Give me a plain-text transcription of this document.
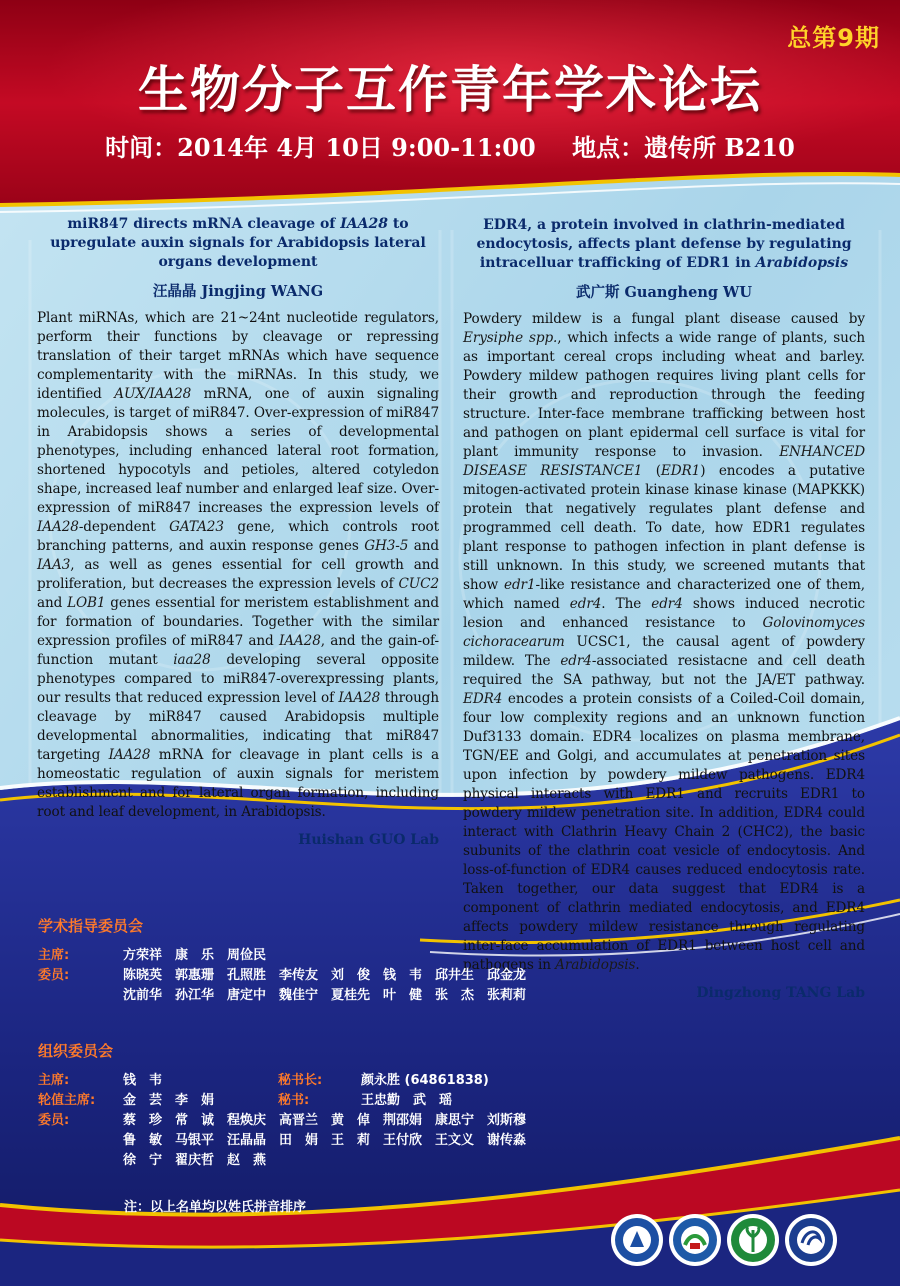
总第9期
生物分子互作青年学术论坛
时间：2014年 4月 10日 9:00-11:00 地点：遗传所 B210

miR847 directs mRNA cleavage of IAA28 to upregulate auxin signals for Arabidopsis lateral organs development

汪晶晶 Jingjing WANG

Plant miRNAs, which are 21~24nt nucleotide regulators, perform their functions by cleavage or repressing translation of their target mRNAs which have sequence complementarity with the miRNAs. In this study, we identified AUX/IAA28 mRNA, one of auxin signaling molecules, is target of miR847. Over-expression of miR847 in Arabidopsis shows a series of developmental phenotypes, including enhanced lateral root formation, shortened hypocotyls and petioles, altered cotyledon shape, increased leaf number and enlarged leaf size. Over-expression of miR847 increases the expression levels of IAA28-dependent GATA23 gene, which controls root branching patterns, and auxin response genes GH3-5 and IAA3, as well as genes essential for cell growth and proliferation, but decreases the expression levels of CUC2 and LOB1 genes essential for meristem establishment and for formation of boundaries. Together with the similar expression profiles of miR847 and IAA28, and the gain-of-function mutant iaa28 developing several opposite phenotypes compared to miR847-overexpressing plants, our results that reduced expression level of IAA28 through cleavage by miR847 caused Arabidopsis multiple developmental abnormalities, indicating that miR847 targeting IAA28 mRNA for cleavage in plant cells is a homeostatic regulation of auxin signals for meristem establishment and for lateral organ formation, including root and leaf development, in Arabidopsis.

Huishan GUO Lab

EDR4, a protein involved in clathrin-mediated endocytosis, affects plant defense by regulating intracelluar trafficking of EDR1 in Arabidopsis

武广斯 Guangheng WU

Powdery mildew is a fungal plant disease caused by Erysiphe spp., which infects a wide range of plants, such as important cereal crops including wheat and barley. Powdery mildew pathogen requires living plant cells for their growth and reproduction through the feeding structure. Inter-face membrane trafficking between host and pathogen on plant epidermal cell surface is vital for plant immunity response to invasion. ENHANCED DISEASE RESISTANCE1 (EDR1) encodes a putative mitogen-activated protein kinase kinase kinase (MAPKKK) protein that negatively regulates plant defense and programmed cell death. To date, how EDR1 regulates plant response to pathogen infection in plant defense is still unknown. In this study, we screened mutants that show edr1-like resistance and characterized one of them, which named edr4. The edr4 shows induced necrotic lesion and enhanced resistance to Golovinomyces cichoracearum UCSC1, the causal agent of powdery mildew. The edr4-associated resistacne and cell death required the SA pathway, but not the JA/ET pathway. EDR4 encodes a protein consists of a Coiled-Coil domain, four low complexity regions and an unknown function Duf3133 domain. EDR4 localizes on plasma membrane, TGN/EE and Golgi, and accumulates at penetration sites upon infection by powdery mildew pathogens. EDR4 physical interacts with EDR1 and recruits EDR1 to powdery mildew penetration site. In addition, EDR4 could interact with Clathrin Heavy Chain 2 (CHC2), the basic subunits of the clathrin coat vesicle of endocytosis. And loss-of-function of EDR4 causes reduced endocytosis rate. Taken together, our data suggest that EDR4 is a component of clathrin mediated endocytosis, and EDR4 affects powdery mildew resistance through regulating inter-face accumulation of EDR1 between host cell and pathogens in Arabidopsis.

Dingzhong TANG Lab
学术指导委员会
主席:	方荣祥　康　乐　周俭民
委员:	陈晓英　郭惠珊　孔照胜　李传友　刘　俊　钱　韦　邱井生　邱金龙
沈前华　孙江华　唐定中　魏佳宁　夏桂先　叶　健　张　杰　张莉莉
组织委员会
主席:	钱　韦	秘书长:	颜永胜 (64861838)
轮值主席: 金　芸　李　娟	秘书:	王忠勤　武　瑶
委员:	蔡　珍　常　诚　程焕庆　高晋兰　黄　倬　荆邵娟　康思宁　刘斯穆
鲁　敏　马银平　汪晶晶　田　娟　王　莉　王付欣　王文义　谢传淼
徐　宁　翟庆哲　赵　燕
注：以上名单均以姓氏拼音排序
